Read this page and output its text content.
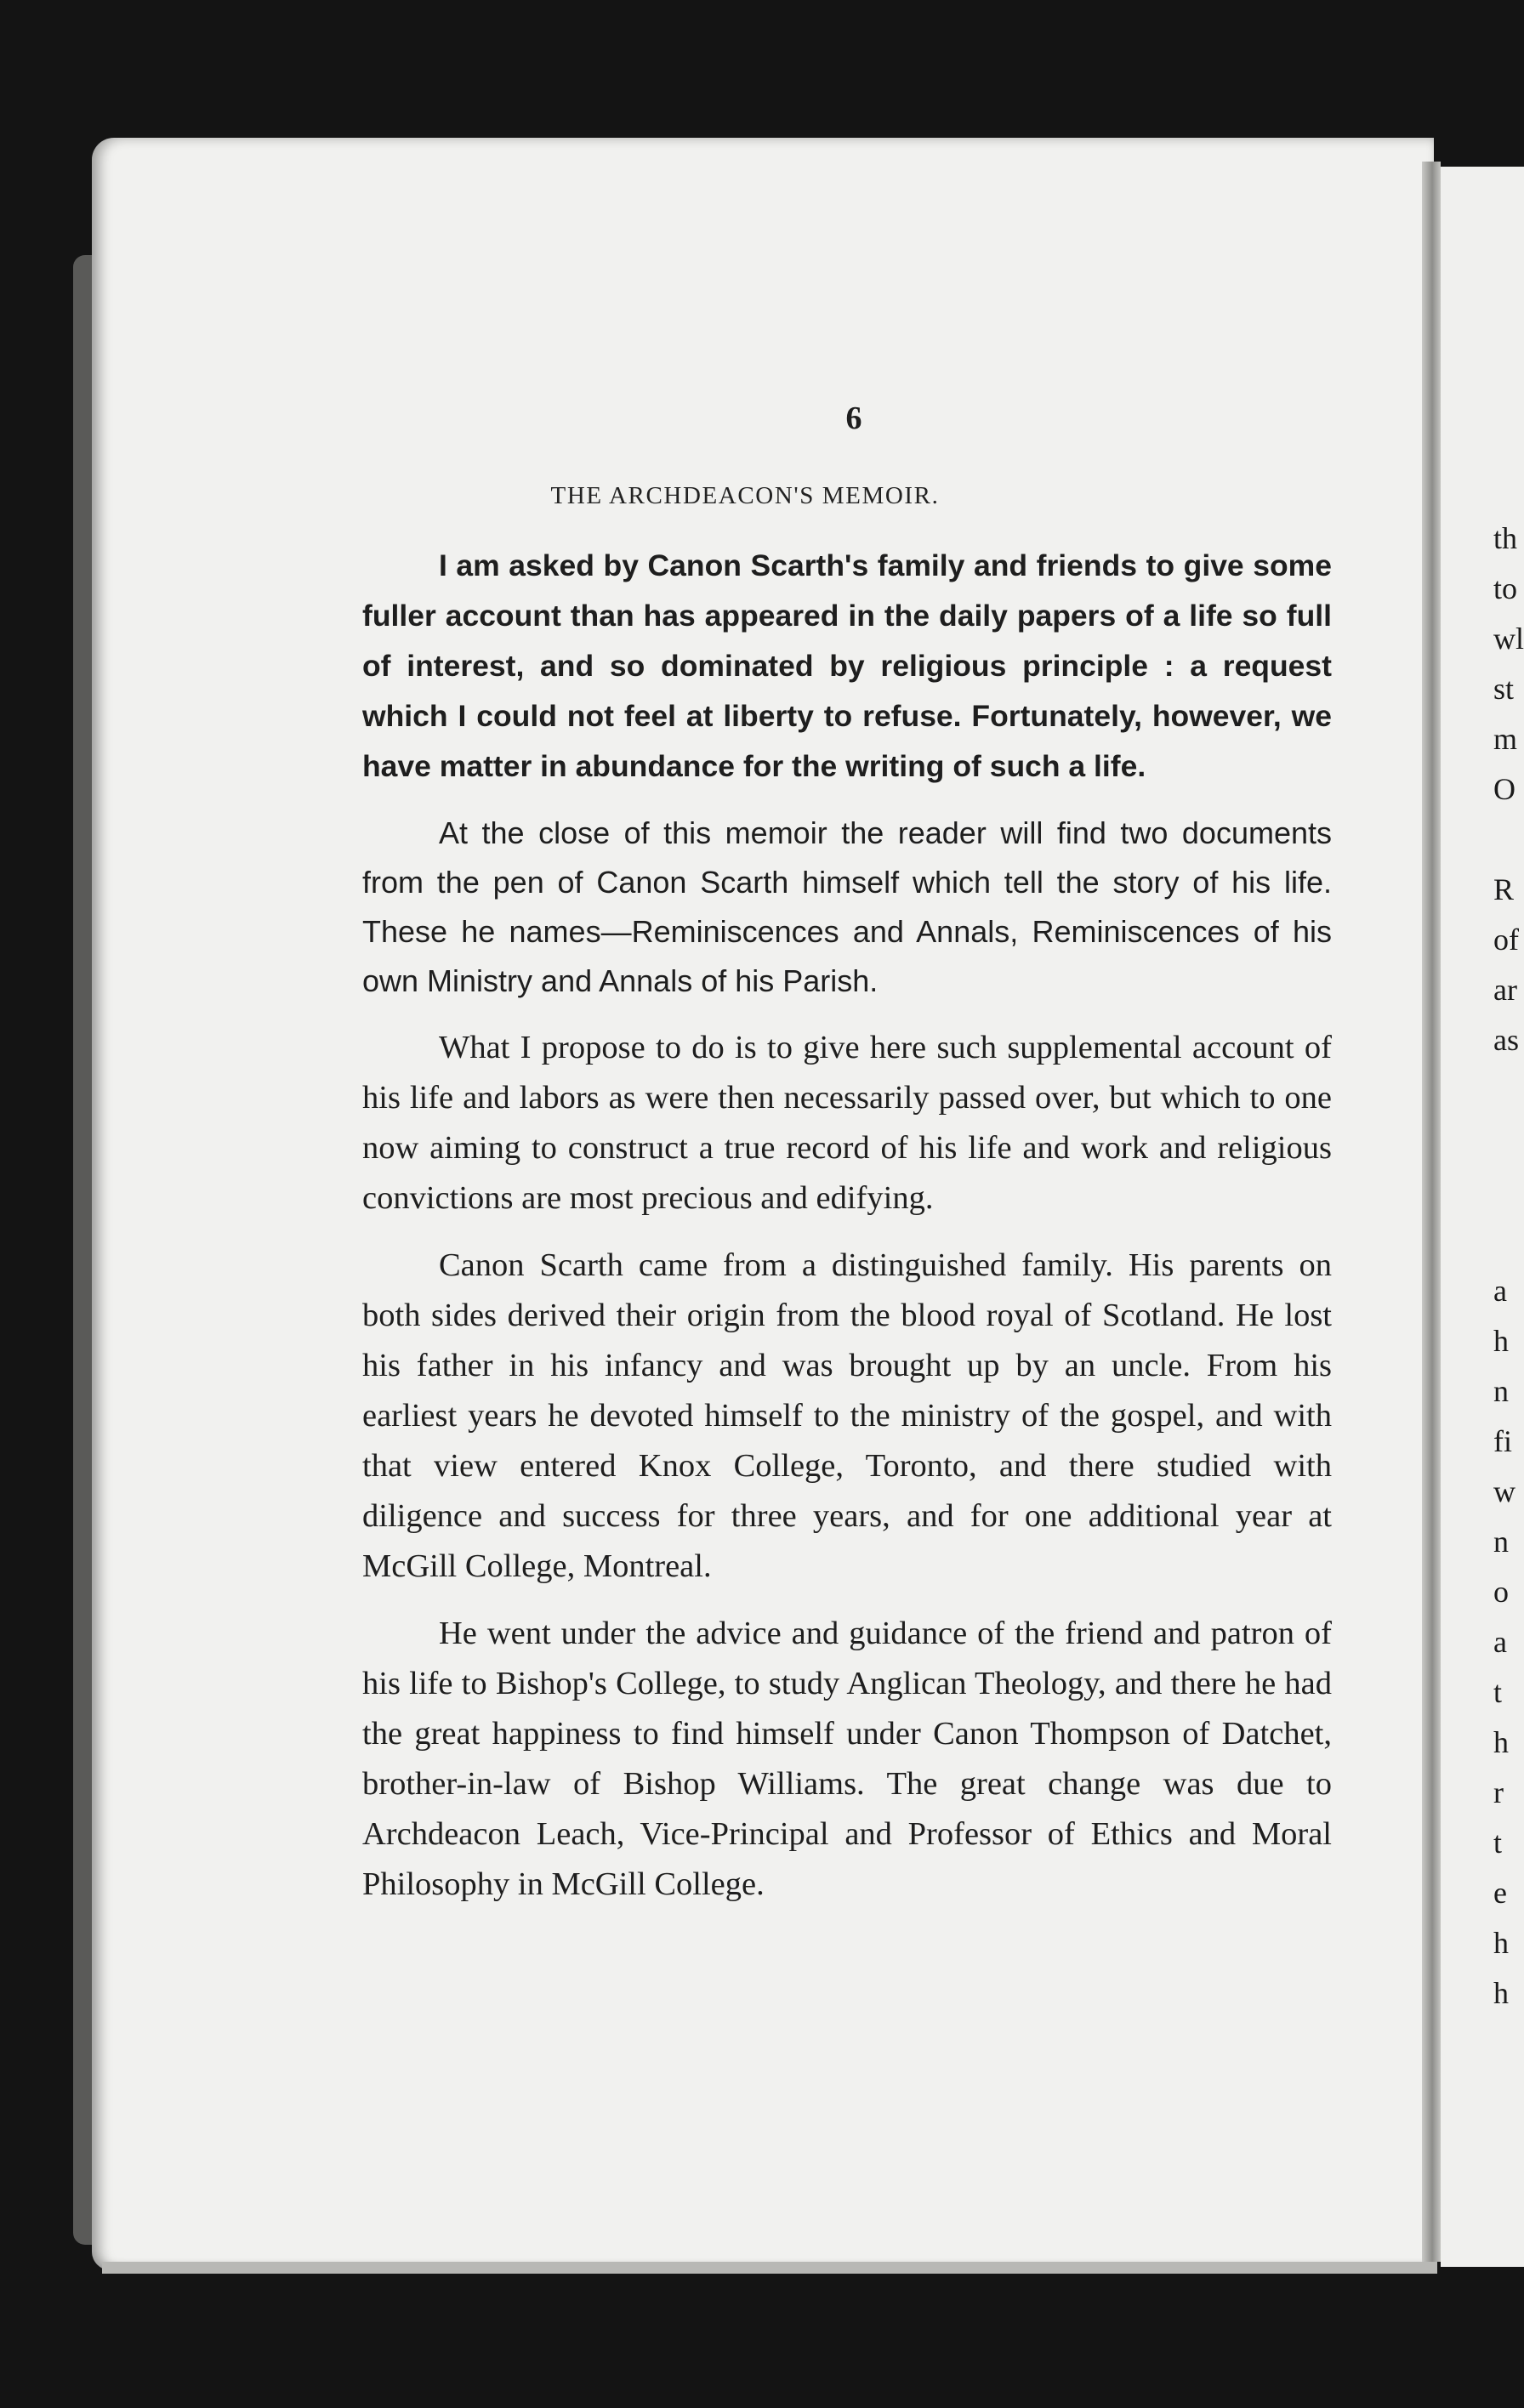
6
THE ARCHDEACON'S MEMOIR.

I am asked by Canon Scarth's family and friends to give some fuller account than has appeared in the daily papers of a life so full of interest, and so dominated by religious principle : a request which I could not feel at liberty to refuse. Fortunately, however, we have matter in abundance for the writing of such a life.

At the close of this memoir the reader will find two documents from the pen of Canon Scarth himself which tell the story of his life. These he names—Reminiscences and Annals, Reminiscences of his own Ministry and Annals of his Parish.

What I propose to do is to give here such supplemental account of his life and labors as were then necessarily passed over, but which to one now aiming to construct a true record of his life and work and religious convictions are most precious and edifying.

Canon Scarth came from a distinguished family. His parents on both sides derived their origin from the blood royal of Scotland. He lost his father in his infancy and was brought up by an uncle. From his earliest years he devoted himself to the ministry of the gospel, and with that view entered Knox College, Toronto, and there studied with diligence and success for three years, and for one additional year at McGill College, Montreal.

He went under the advice and guidance of the friend and patron of his life to Bishop's College, to study Anglican Theology, and there he had the great happiness to find himself under Canon Thompson of Datchet, brother-in-law of Bishop Williams. The great change was due to Archdeacon Leach, Vice-Principal and Professor of Ethics and Moral Philosophy in McGill College.

th
to
wl
st
m
O
R
of
ar
as
a
h
n
fi
w
n
o
a
t
h
r
t
e
h
h
